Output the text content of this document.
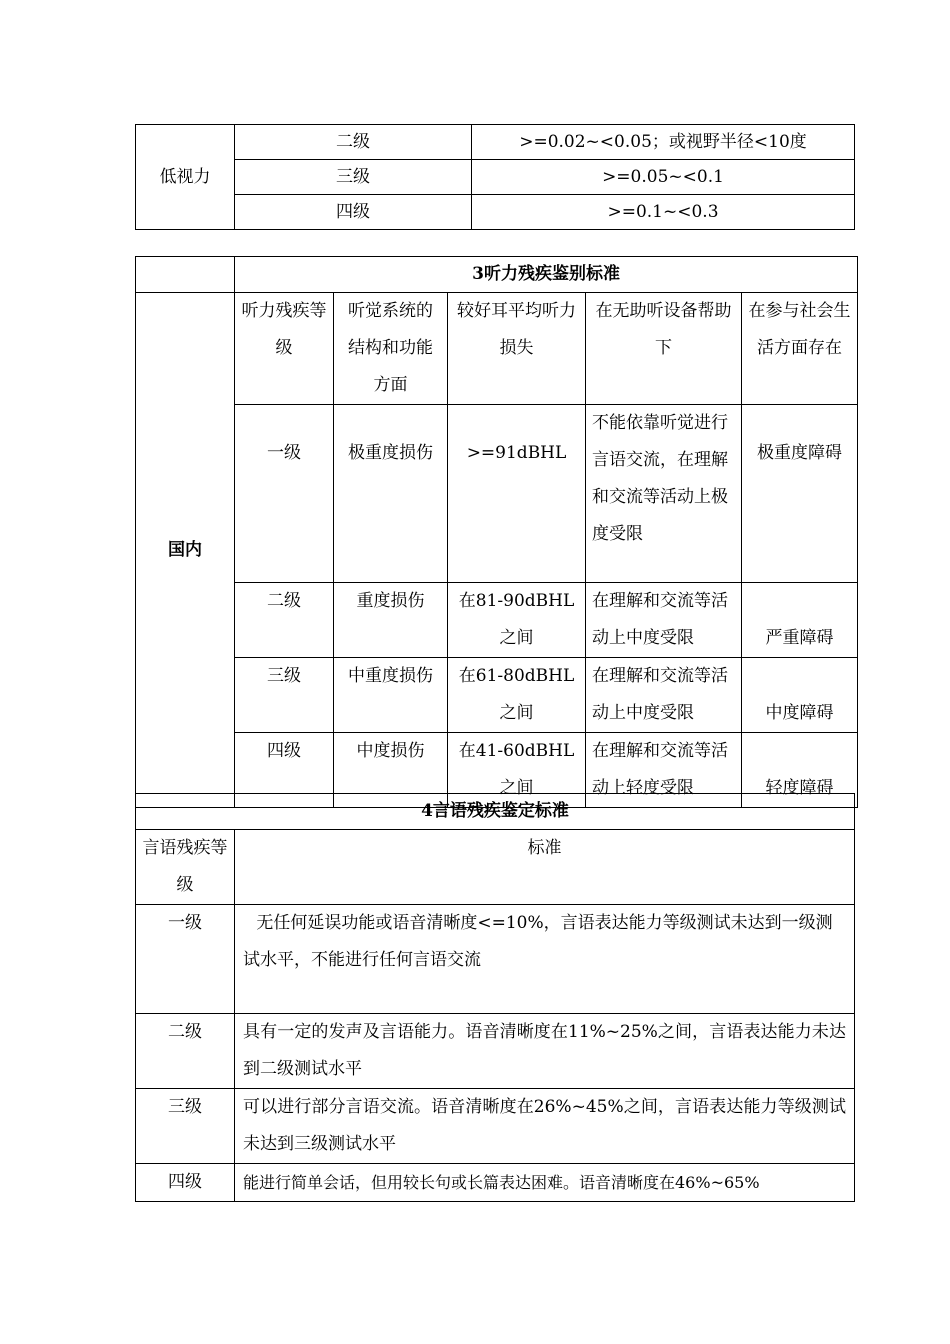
低视力	二级	>=0.02~<0.05；或视野半径<10度
	三级	>=0.05~<0.1
	四级	>=0.1~<0.3
	3听力残疾鉴别标准				
国内	听力残疾等级	听觉系统的结构和功能方面	较好耳平均听力损失	在无助听设备帮助下	在参与社会生活方面存在

	一级	极重度损伤	>=91dBHL	不能依靠听觉进行言语交流，在理解和交流等活动上极度受限	极重度障碍

	二级	重度损伤	在81-90dBHL之间	在理解和交流等活动上中度受限	严重障碍
	三级	中重度损伤	在61-80dBHL之间	在理解和交流等活动上中度受限	中度障碍
	四级	中度损伤	在41-60dBHL之间	在理解和交流等活动上轻度受限	轻度障碍
4言语残疾鉴定标准	
言语残疾等级	标准
一级	无任何延误功能或语音清晰度<=10%，言语表达能力等级测试未达到一级测
试水平，不能进行任何言语交流

二级	具有一定的发声及言语能力。语音清晰度在11%~25%之间，言语表达能力未达到二级测试水平
三级	可以进行部分言语交流。语音清晰度在26%~45%之间，言语表达能力等级测试未达到三级测试水平
四级	能进行简单会话，但用较长句或长篇表达困难。语音清晰度在46%~65%
